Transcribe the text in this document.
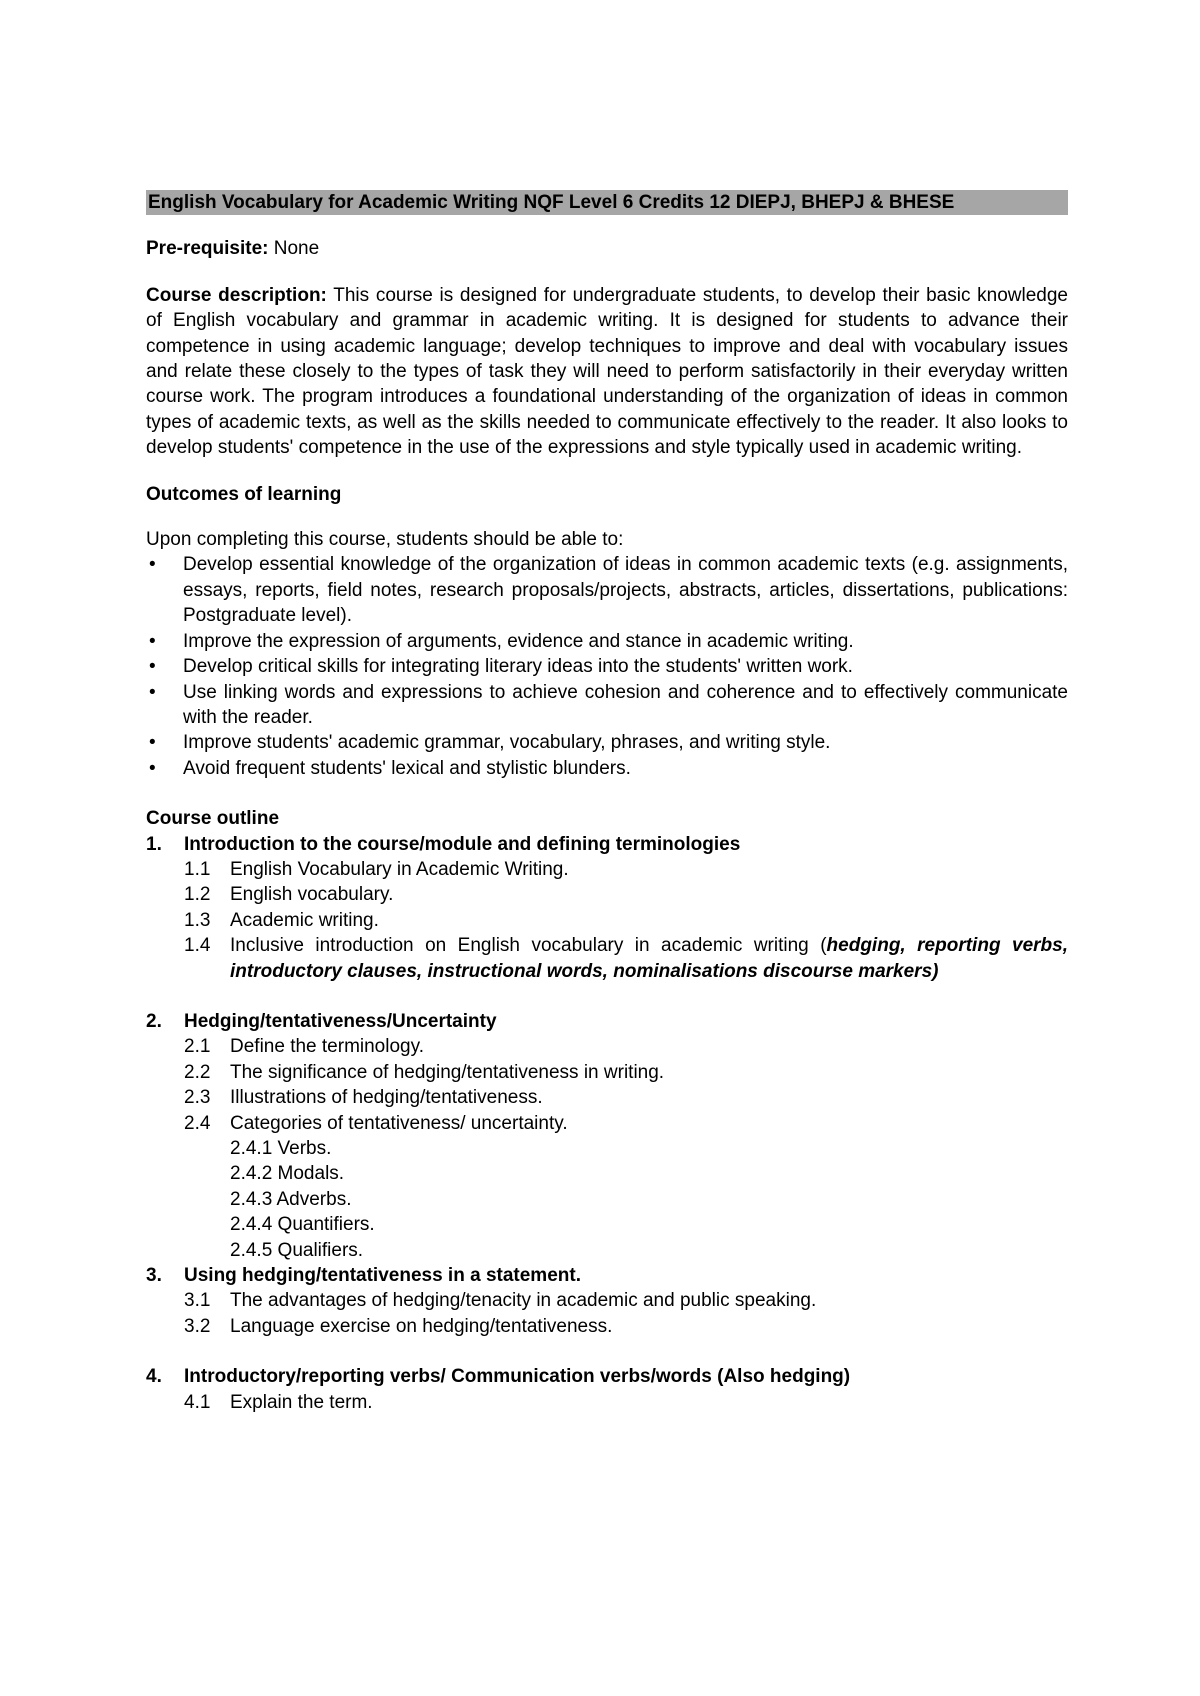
English Vocabulary for Academic Writing NQF Level 6 Credits 12 DIEPJ, BHEPJ & BHESE

Pre-requisite: None

Course description: This course is designed for undergraduate students, to develop their basic knowledge of English vocabulary and grammar in academic writing. It is designed for students to advance their competence in using academic language; develop techniques to improve and deal with vocabulary issues and relate these closely to the types of task they will need to perform satisfactorily in their everyday written course work. The program introduces a foundational understanding of the organization of ideas in common types of academic texts, as well as the skills needed to communicate effectively to the reader. It also looks to develop students' competence in the use of the expressions and style typically used in academic writing.

Outcomes of learning
Upon completing this course, students should be able to:
• Develop essential knowledge of the organization of ideas in common academic texts (e.g. assignments, essays, reports, field notes, research proposals/projects, abstracts, articles, dissertations, publications: Postgraduate level).
• Improve the expression of arguments, evidence and stance in academic writing.
• Develop critical skills for integrating literary ideas into the students' written work.
• Use linking words and expressions to achieve cohesion and coherence and to effectively communicate with the reader.
• Improve students' academic grammar, vocabulary, phrases, and writing style.
• Avoid frequent students' lexical and stylistic blunders.
Course outline
1.	Introduction to the course/module and defining terminologies
1.1	English Vocabulary in Academic Writing.
1.2	English vocabulary.
1.3	Academic writing.
1.4	Inclusive introduction on English vocabulary in academic writing (hedging, reporting verbs, introductory clauses, instructional words, nominalisations discourse markers)
2.	Hedging/tentativeness/Uncertainty
2.1	Define the terminology.
2.2	The significance of hedging/tentativeness in writing.
2.3	Illustrations of hedging/tentativeness.
2.4	Categories of tentativeness/ uncertainty.
2.4.1 Verbs.
2.4.2 Modals.
2.4.3 Adverbs.
2.4.4 Quantifiers.
2.4.5 Qualifiers.
3.	Using hedging/tentativeness in a statement.
3.1	The advantages of hedging/tenacity in academic and public speaking.
3.2	Language exercise on hedging/tentativeness.
4.	Introductory/reporting verbs/ Communication verbs/words (Also hedging)
4.1	Explain the term.
